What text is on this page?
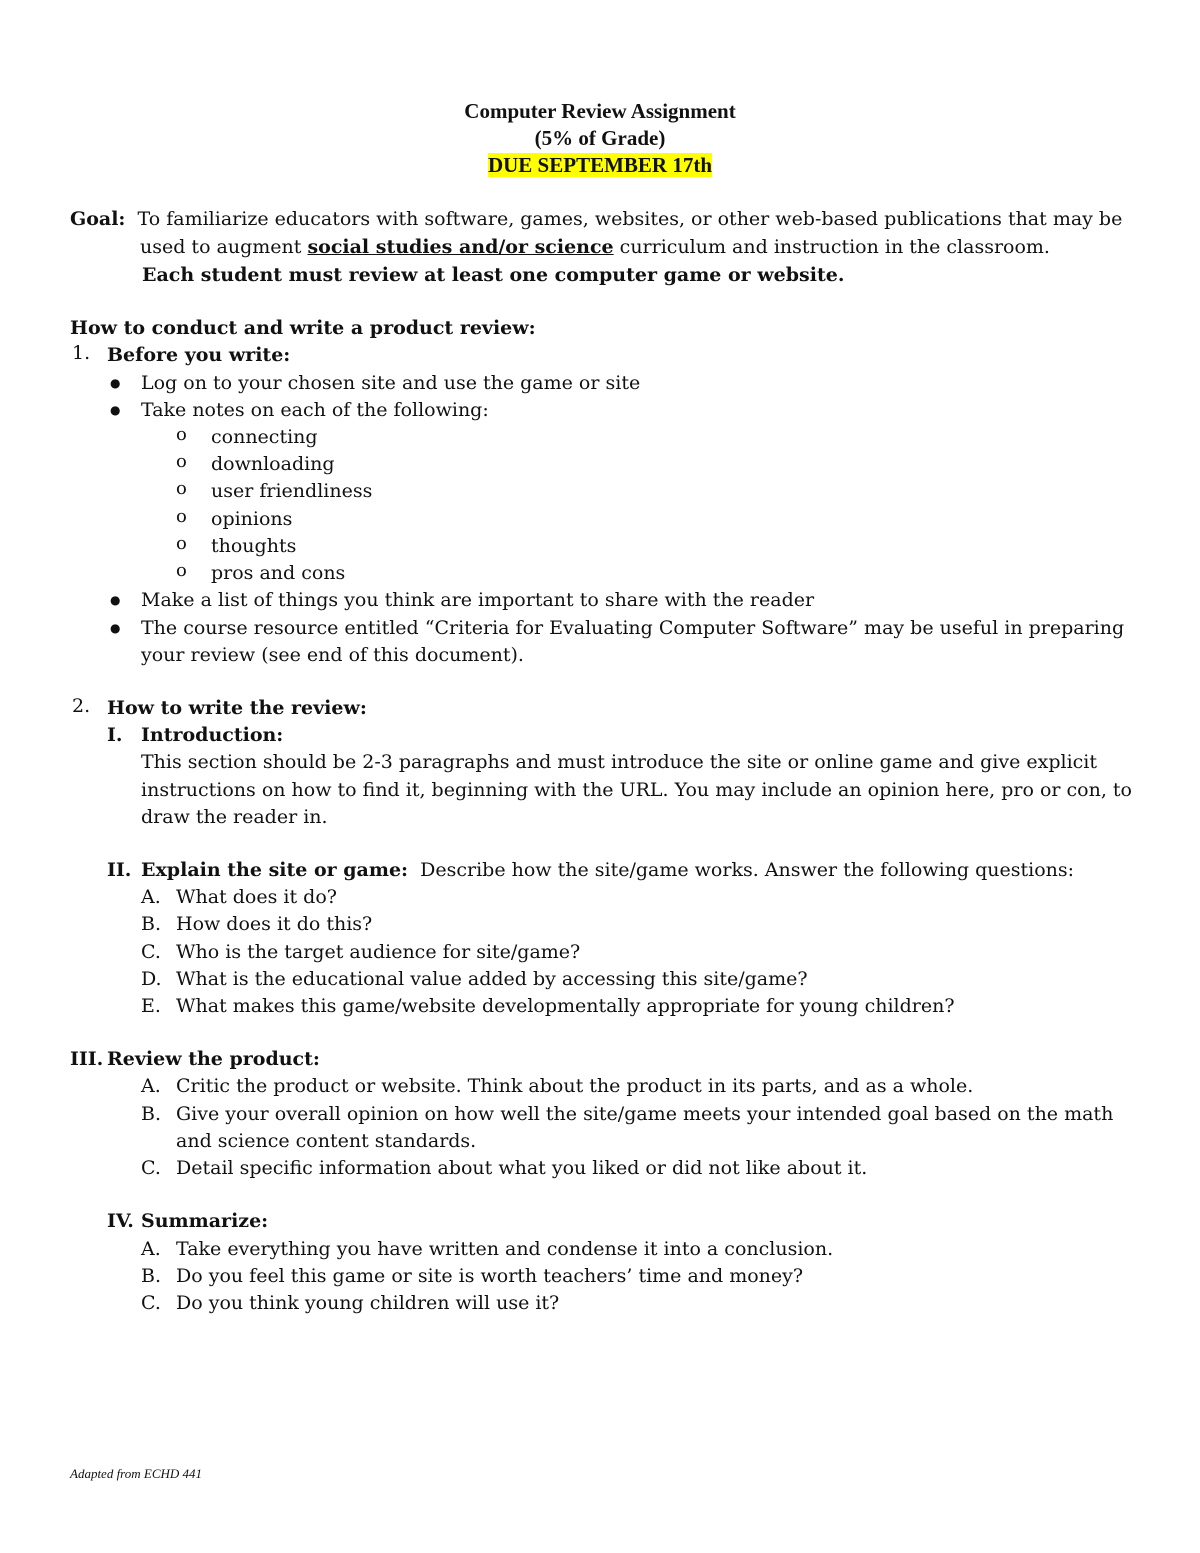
Computer Review Assignment
(5% of Grade)
DUE SEPTEMBER 17th
Goal: To familiarize educators with software, games, websites, or other web-based publications that may be
used to augment social studies and/or science curriculum and instruction in the classroom.
Each student must review at least one computer game or website.
How to conduct and write a product review:
1. Before you write:
● Log on to your chosen site and use the game or site
● Take notes on each of the following:
o connecting
o downloading
o user friendliness
o opinions
o thoughts
o pros and cons
● Make a list of things you think are important to share with the reader
● The course resource entitled “Criteria for Evaluating Computer Software” may be useful in preparing
your review (see end of this document).
2. How to write the review:
I. Introduction:
This section should be 2-3 paragraphs and must introduce the site or online game and give explicit
instructions on how to find it, beginning with the URL. You may include an opinion here, pro or con, to
draw the reader in.
II. Explain the site or game: Describe how the site/game works. Answer the following questions:
A. What does it do?
B. How does it do this?
C. Who is the target audience for site/game?
D. What is the educational value added by accessing this site/game?
E. What makes this game/website developmentally appropriate for young children?
III. Review the product:
A. Critic the product or website. Think about the product in its parts, and as a whole.
B. Give your overall opinion on how well the site/game meets your intended goal based on the math
and science content standards.
C. Detail specific information about what you liked or did not like about it.
IV. Summarize:
A. Take everything you have written and condense it into a conclusion.
B. Do you feel this game or site is worth teachers’ time and money?
C. Do you think young children will use it?
Adapted from ECHD 441
